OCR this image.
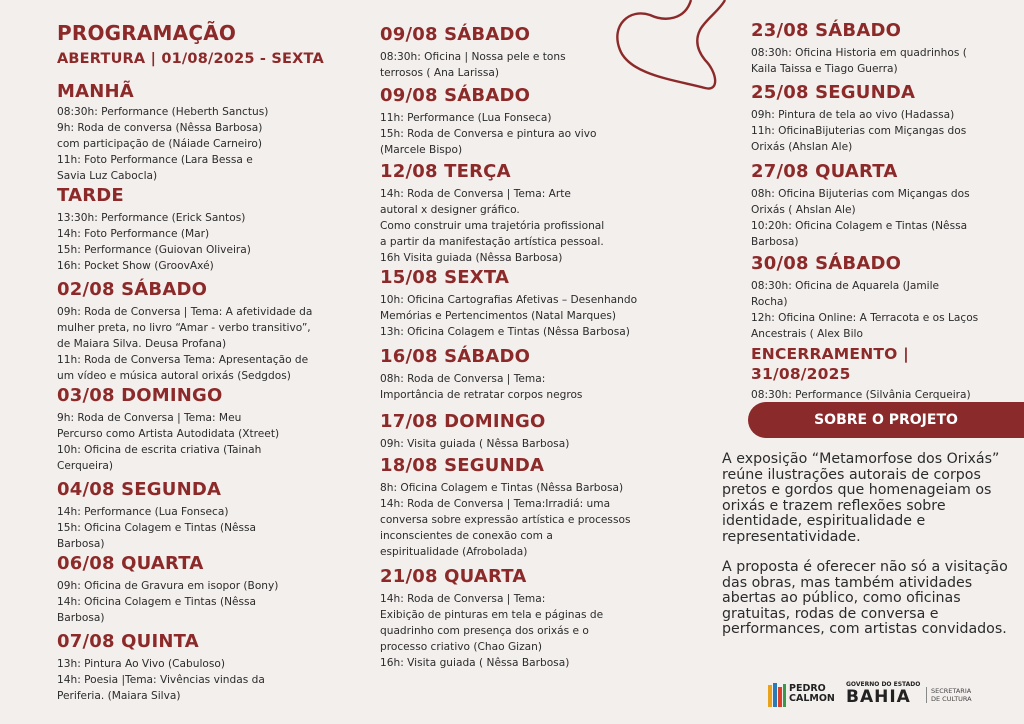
PROGRAMAÇÃO
ABERTURA | 01/08/2025 - SEXTA
MANHÃ
08:30h: Performance (Heberth Sanctus)
9h: Roda de conversa (Nêssa Barbosa)
com participação de (Náiade Carneiro)
11h: Foto Performance (Lara Bessa e
Savia Luz Cabocla)
TARDE
13:30h: Performance (Erick Santos)
14h: Foto Performance (Mar)
15h: Performance (Guiovan Oliveira)
16h: Pocket Show (GroovAxé)
02/08 SÁBADO
09h: Roda de Conversa | Tema: A afetividade da
mulher preta, no livro “Amar - verbo transitivo”,
de Maiara Silva. Deusa Profana)
11h: Roda de Conversa Tema: Apresentação de
um vídeo e música autoral orixás (Sedgdos)
03/08 DOMINGO
9h: Roda de Conversa | Tema: Meu
Percurso como Artista Autodidata (Xtreet)
10h: Oficina de escrita criativa (Tainah
Cerqueira)
04/08 SEGUNDA
14h: Performance (Lua Fonseca)
15h: Oficina Colagem e Tintas (Nêssa
Barbosa)
06/08 QUARTA
09h: Oficina de Gravura em isopor (Bony)
14h: Oficina Colagem e Tintas (Nêssa
Barbosa)
07/08 QUINTA
13h: Pintura Ao Vivo (Cabuloso)
14h: Poesia |Tema: Vivências vindas da
Periferia. (Maiara Silva)
09/08 SÁBADO
08:30h: Oficina | Nossa pele e tons
terrosos ( Ana Larissa)
09/08 SÁBADO
11h: Performance (Lua Fonseca)
15h: Roda de Conversa e pintura ao vivo
(Marcele Bispo)
12/08 TERÇA
14h: Roda de Conversa | Tema: Arte
autoral x designer gráfico.
Como construir uma trajetória profissional
a partir da manifestação artística pessoal.
16h Visita guiada (Nêssa Barbosa)
15/08 SEXTA
10h: Oficina Cartografias Afetivas – Desenhando
Memórias e Pertencimentos (Natal Marques)
13h: Oficina Colagem e Tintas (Nêssa Barbosa)
16/08 SÁBADO
08h: Roda de Conversa | Tema:
Importância de retratar corpos negros
17/08 DOMINGO
09h: Visita guiada ( Nêssa Barbosa)
18/08 SEGUNDA
8h: Oficina Colagem e Tintas (Nêssa Barbosa)
14h: Roda de Conversa | Tema:Irradiá: uma
conversa sobre expressão artística e processos
inconscientes de conexão com a
espiritualidade (Afrobolada)
21/08 QUARTA
14h: Roda de Conversa | Tema:
Exibição de pinturas em tela e páginas de
quadrinho com presença dos orixás e o
processo criativo (Chao Gizan)
16h: Visita guiada ( Nêssa Barbosa)
23/08 SÁBADO
08:30h: Oficina Historia em quadrinhos (
Kaila Taissa e Tiago Guerra)
25/08 SEGUNDA
09h: Pintura de tela ao vivo (Hadassa)
11h: OficinaBijuterias com Miçangas dos
Orixás (Ahslan Ale)
27/08 QUARTA
08h: Oficina Bijuterias com Miçangas dos
Orixás ( Ahslan Ale)
10:20h: Oficina Colagem e Tintas (Nêssa
Barbosa)
30/08 SÁBADO
08:30h: Oficina de Aquarela (Jamile
Rocha)
12h: Oficina Online: A Terracota e os Laços
Ancestrais ( Alex Bilo
ENCERRAMENTO | 31/08/2025
08:30h: Performance (Silvânia Cerqueira)
SOBRE O PROJETO

A exposição “Metamorfose dos Orixás” reúne ilustrações autorais de corpos pretos e gordos que homenageiam os orixás e trazem reflexões sobre identidade, espiritualidade e representatividade.

A proposta é oferecer não só a visitação das obras, mas também atividades abertas ao público, como oficinas gratuitas, rodas de conversa e performances, com artistas convidados.

PEDRO
CALMON
GOVERNO DO ESTADO
BAHIA	SECRETARIA
DE CULTURA
